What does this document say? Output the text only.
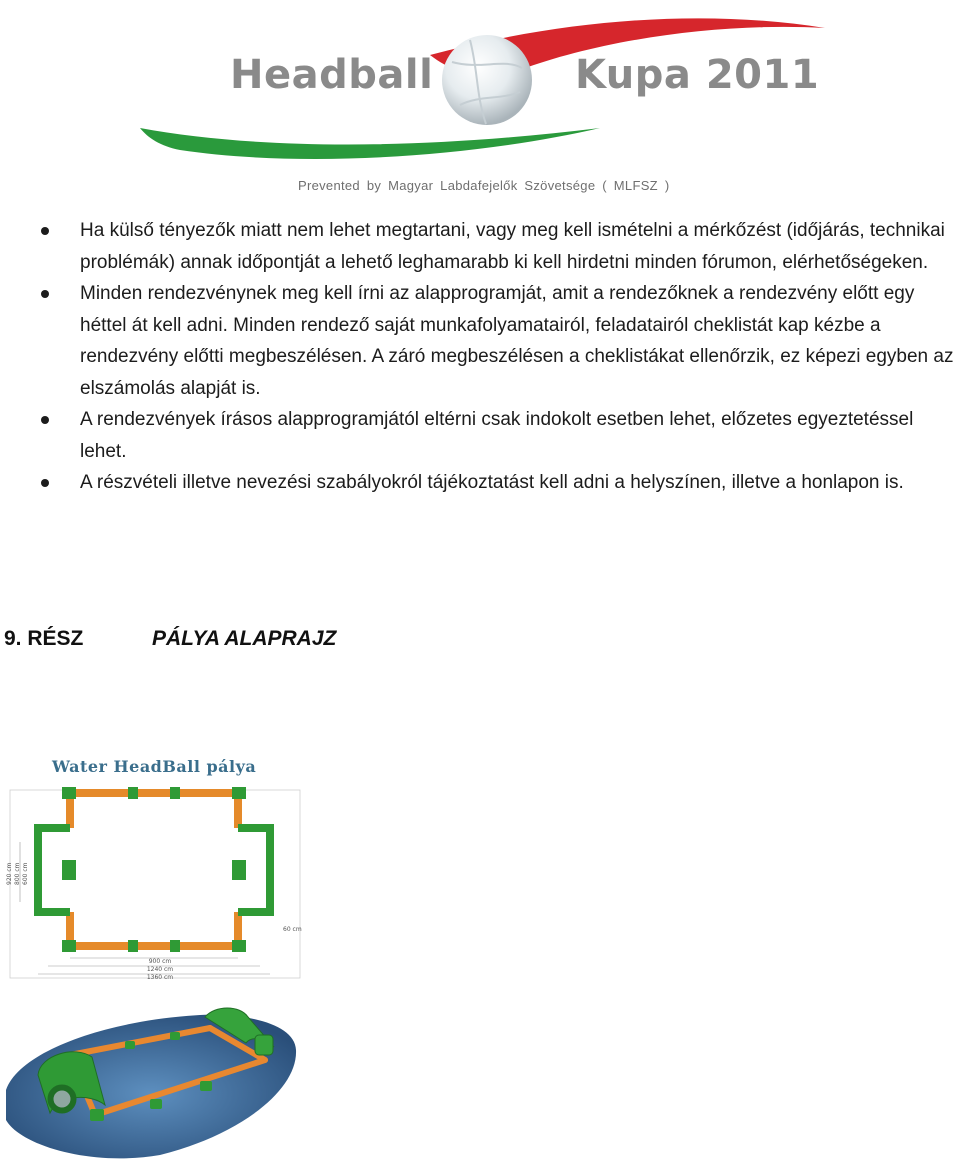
Headball	Kupa 2011
Prevented by Magyar Labdafejelők Szövetsége ( MLFSZ )
Ha külső tényezők miatt nem lehet megtartani, vagy meg kell ismételni a mérkőzést (időjárás, technikai problémák) annak időpontját a lehető leghamarabb ki kell hirdetni minden fórumon, elérhetőségeken.
Minden rendezvénynek meg kell írni az alapprogramját, amit a rendezőknek a rendezvény előtt egy héttel át kell adni. Minden rendező saját munkafolyamatairól, feladatairól cheklistát kap kézbe a rendezvény előtti megbeszélésen. A záró megbeszélésen a cheklistákat ellenőrzik, ez képezi egyben az elszámolás alapját is.
A rendezvények írásos alapprogramjától eltérni csak indokolt esetben lehet, előzetes egyeztetéssel lehet.
A részvételi illetve nevezési szabályokról tájékoztatást kell adni a helyszínen, illetve a honlapon is.
9. RÉSZ	PÁLYA ALAPRAJZ
Water HeadBall pálya
900 cm
1240 cm
1360 cm
920 cm 800 cm 600 cm
60 cm
